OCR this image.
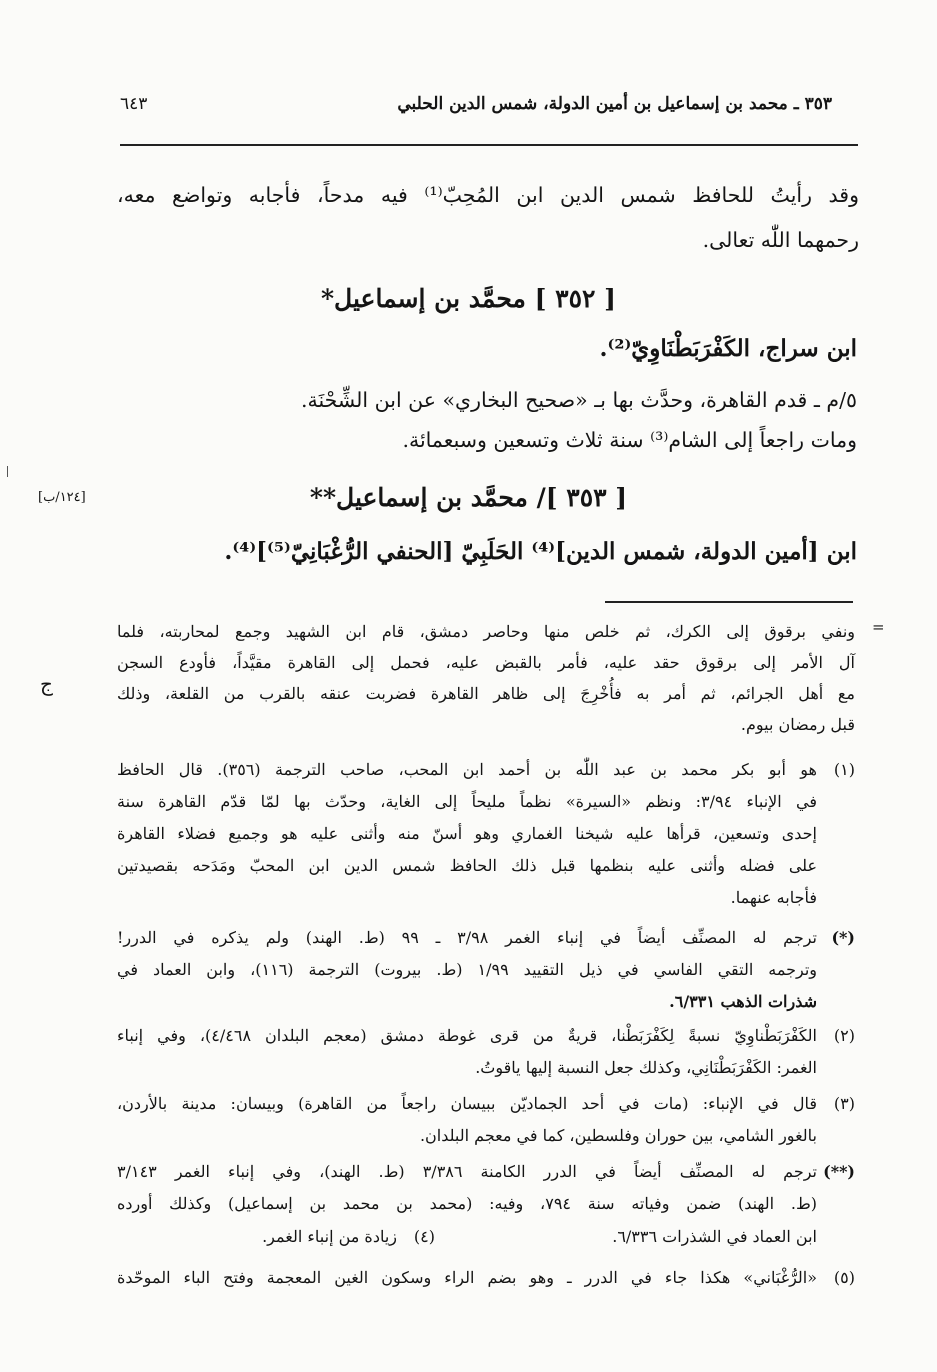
٣٥٣ ـ محمد بن إسماعيل بن أمين الدولة، شمس الدين الحلبي
٦٤٣
وقد رأيتُ للحافظ شمس الدين ابن المُحِبّ⁽¹⁾ فيه مدحاً، فأجابه وتواضع معه،
رحمهما اللّٰه تعالى.
[ ٣٥٢ ] محمَّد بن إسماعيل*
ابن سراج، الكَفْرَبَطْنَاوِيّ⁽²⁾.
٥/م ـ قدم القاهرة، وحدَّث بها بـ «صحيح البخاري» عن ابن الشِّحْنَة.
ومات راجعاً إلى الشام⁽³⁾ سنة ثلاث وتسعين وسبعمائة.
[١٢٤/ب]	[ ٣٥٣ ]/ محمَّد بن إسماعيل**
ابن [أمين الدولة، شمس الدين]⁽⁴⁾ الحَلَبِيّ [الحنفي الرُّغْبَانِيّ⁽⁵⁾]⁽⁴⁾.
=
ج
ونفي برقوق إلى الكرك، ثم خلص منها وحاصر دمشق، قام ابن الشهيد وجمع لمحاربته، فلما
آل الأمر إلى برقوق حقد عليه، فأمر بالقبض عليه، فحمل إلى القاهرة مقيَّداً، فأودع السجن
مع أهل الجرائم، ثم أمر به فأُخْرِجَ إلى ظاهر القاهرة فضربت عنقه بالقرب من القلعة، وذلك
قبل رمضان بيوم.
(١)
هو أبو بكر محمد بن عبد اللّٰه بن أحمد ابن المحب، صاحب الترجمة (٣٥٦). قال الحافظ
في الإنباء ٣/٩٤: ونظم «السيرة» نظماً مليحاً إلى الغاية، وحدّث بها لمّا قدّم القاهرة سنة
إحدى وتسعين، قرأها عليه شيخنا الغماري وهو أسنّ منه وأثنى عليه هو وجميع فضلاء القاهرة
على فضله وأثنى عليه بنظمها قبل ذلك الحافظ شمس الدين ابن المحبّ ومَدَحه بقصيدتين
فأجابه عنهما.
(*)
ترجم له المصنِّف أيضاً في إنباء الغمر ٣/٩٨ ـ ٩٩ (ط. الهند) ولم يذكره في الدرر!
وترجمه التقي الفاسي في ذيل التقييد ١/٩٩ (ط. بيروت) الترجمة (١١٦)، وابن العماد في
شذرات الذهب ٦/٣٣١.
(٢)
الكَفْرَبَطْناوِيّ نسبةً لِكَفْرَبَطْنا، قريةٌ من قرى غوطة دمشق (معجم البلدان ٤/٤٦٨)، وفي إنباء
الغمر: الكَفْرَبَطْنَانِي، وكذلك جعل النسبة إليها ياقوتُ.
(٣)
قال في الإنباء: (مات في أحد الجماديّن ببيسان راجعاً من القاهرة) وبيسان: مدينة بالأردن،
بالغور الشامي، بين حوران وفلسطين، كما في معجم البلدان.
(**)
ترجم له المصنِّف أيضاً في الدرر الكامنة ٣/٣٨٦ (ط. الهند)، وفي إنباء الغمر ٣/١٤٣
(ط. الهند) ضمن وفياته سنة ٧٩٤، وفيه: (محمد بن محمد بن إسماعيل) وكذلك أورده
ابن العماد في الشذرات ٦/٣٣٦.
(٤)
زيادة من إنباء الغمر.
(٥)
«الرُّغْبَاني» هكذا جاء في الدرر ـ وهو بضم الراء وسكون الغين المعجمة وفتح الباء الموحّدة
